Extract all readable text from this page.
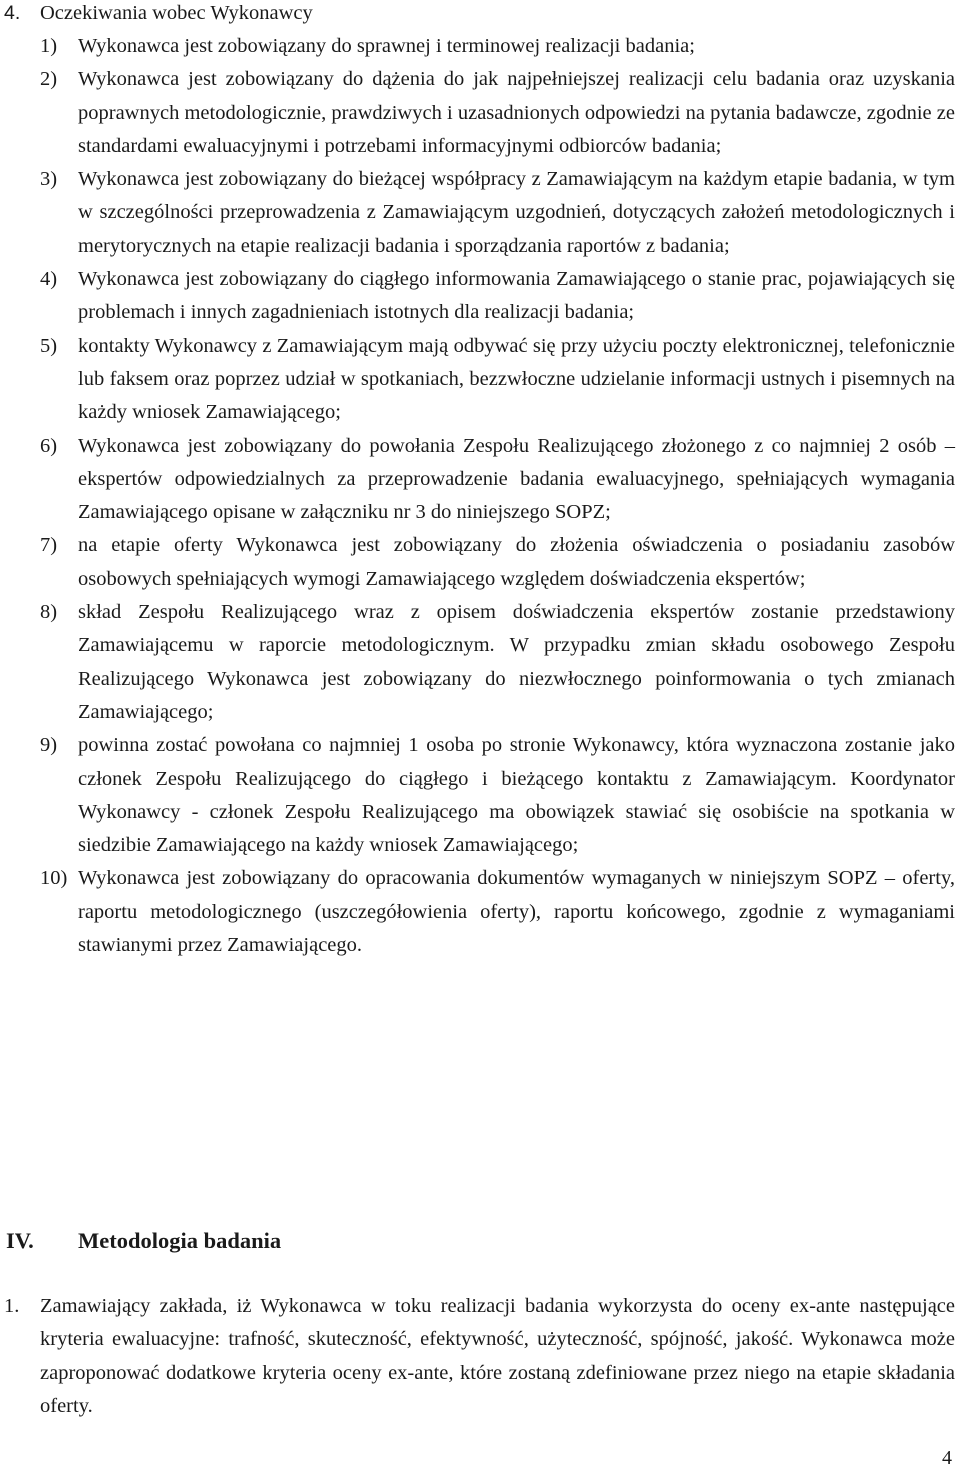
4. Oczekiwania wobec Wykonawcy
1)	Wykonawca jest zobowiązany do sprawnej i terminowej realizacji badania;
2)	Wykonawca jest zobowiązany do dążenia do jak najpełniejszej realizacji celu badania oraz uzyskania poprawnych metodologicznie, prawdziwych i uzasadnionych odpowiedzi na pytania badawcze, zgodnie ze standardami ewaluacyjnymi i potrzebami informacyjnymi odbiorców badania;
3)	Wykonawca jest zobowiązany do bieżącej współpracy z Zamawiającym na każdym etapie badania, w tym w szczególności przeprowadzenia z Zamawiającym uzgodnień, dotyczących założeń metodologicznych i merytorycznych na etapie realizacji badania i sporządzania raportów z badania;
4)	Wykonawca jest zobowiązany do ciągłego informowania Zamawiającego o stanie prac, pojawiających się problemach i innych zagadnieniach istotnych dla realizacji badania;
5)	kontakty Wykonawcy z Zamawiającym mają odbywać się przy użyciu poczty elektronicznej, telefonicznie lub faksem oraz poprzez udział w spotkaniach, bezzwłoczne udzielanie informacji ustnych i pisemnych na każdy wniosek Zamawiającego;
6)	Wykonawca jest zobowiązany do powołania Zespołu Realizującego złożonego z co najmniej 2 osób – ekspertów odpowiedzialnych za przeprowadzenie badania ewaluacyjnego, spełniających wymagania Zamawiającego opisane w załączniku nr 3 do niniejszego SOPZ;
7)	na etapie oferty Wykonawca jest zobowiązany do złożenia oświadczenia o posiadaniu zasobów osobowych spełniających wymogi Zamawiającego względem doświadczenia ekspertów;
8)	skład Zespołu Realizującego wraz z opisem doświadczenia ekspertów zostanie przedstawiony Zamawiającemu w raporcie metodologicznym. W przypadku zmian składu osobowego Zespołu Realizującego Wykonawca jest zobowiązany do niezwłocznego poinformowania o tych zmianach Zamawiającego;
9)	powinna zostać powołana co najmniej 1 osoba po stronie Wykonawcy, która wyznaczona zostanie jako członek Zespołu Realizującego do ciągłego i bieżącego kontaktu z Zamawiającym. Koordynator Wykonawcy - członek Zespołu Realizującego ma obowiązek stawiać się osobiście na spotkania w siedzibie Zamawiającego na każdy wniosek Zamawiającego;
10) Wykonawca jest zobowiązany do opracowania dokumentów wymaganych w niniejszym SOPZ – oferty, raportu metodologicznego (uszczegółowienia oferty), raportu końcowego, zgodnie z wymaganiami stawianymi przez Zamawiającego.
IV.	Metodologia badania
1.	Zamawiający zakłada, iż Wykonawca w toku realizacji badania wykorzysta do oceny ex-ante następujące kryteria ewaluacyjne: trafność, skuteczność, efektywność, użyteczność, spójność, jakość. Wykonawca może zaproponować dodatkowe kryteria oceny ex-ante, które zostaną zdefiniowane przez niego na etapie składania oferty.
4
